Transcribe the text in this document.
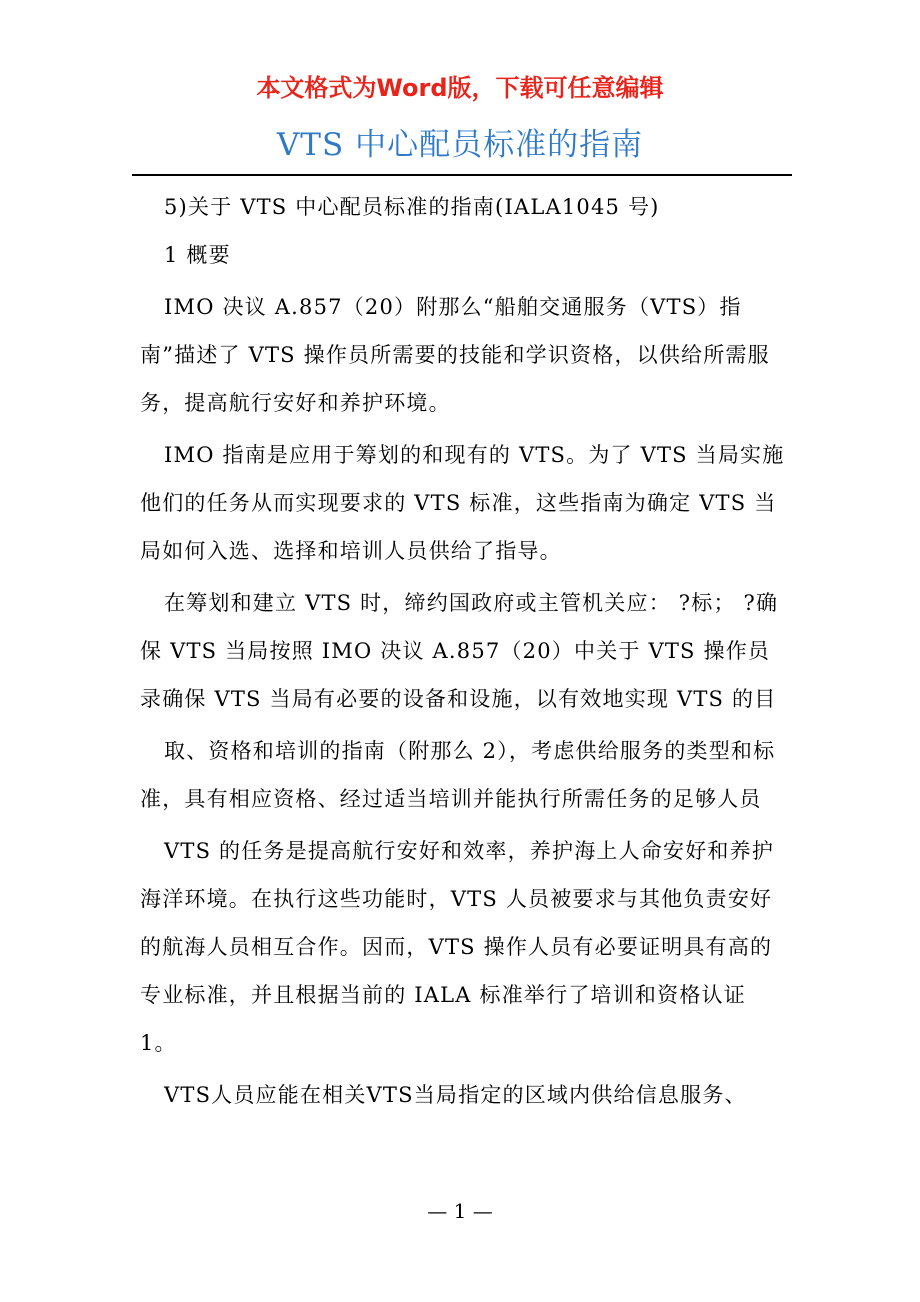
本文格式为Word版，下载可任意编辑
VTS 中心配员标准的指南

5)关于 VTS 中心配员标准的指南(IALA1045 号)

1 概要

IMO 决议 A.857（20）附那么“船舶交通服务（VTS）指南”描述了 VTS 操作员所需要的技能和学识资格，以供给所需服务，提高航行安好和养护环境。

IMO 指南是应用于筹划的和现有的 VTS。为了 VTS 当局实施他们的任务从而实现要求的 VTS 标准，这些指南为确定 VTS 当局如何入选、选择和培训人员供给了指导。

在筹划和建立 VTS 时，缔约国政府或主管机关应： ?标； ?确保 VTS 当局按照 IMO 决议 A.857（20）中关于 VTS 操作员录确保 VTS 当局有必要的设备和设施，以有效地实现 VTS 的目

取、资格和培训的指南（附那么 2），考虑供给服务的类型和标准，具有相应资格、经过适当培训并能执行所需任务的足够人员

VTS 的任务是提高航行安好和效率，养护海上人命安好和养护海洋环境。在执行这些功能时，VTS 人员被要求与其他负责安好的航海人员相互合作。因而，VTS 操作人员有必要证明具有高的专业标准，并且根据当前的 IALA 标准举行了培训和资格认证 1。

VTS人员应能在相关VTS当局指定的区域内供给信息服务、

— 1 —
